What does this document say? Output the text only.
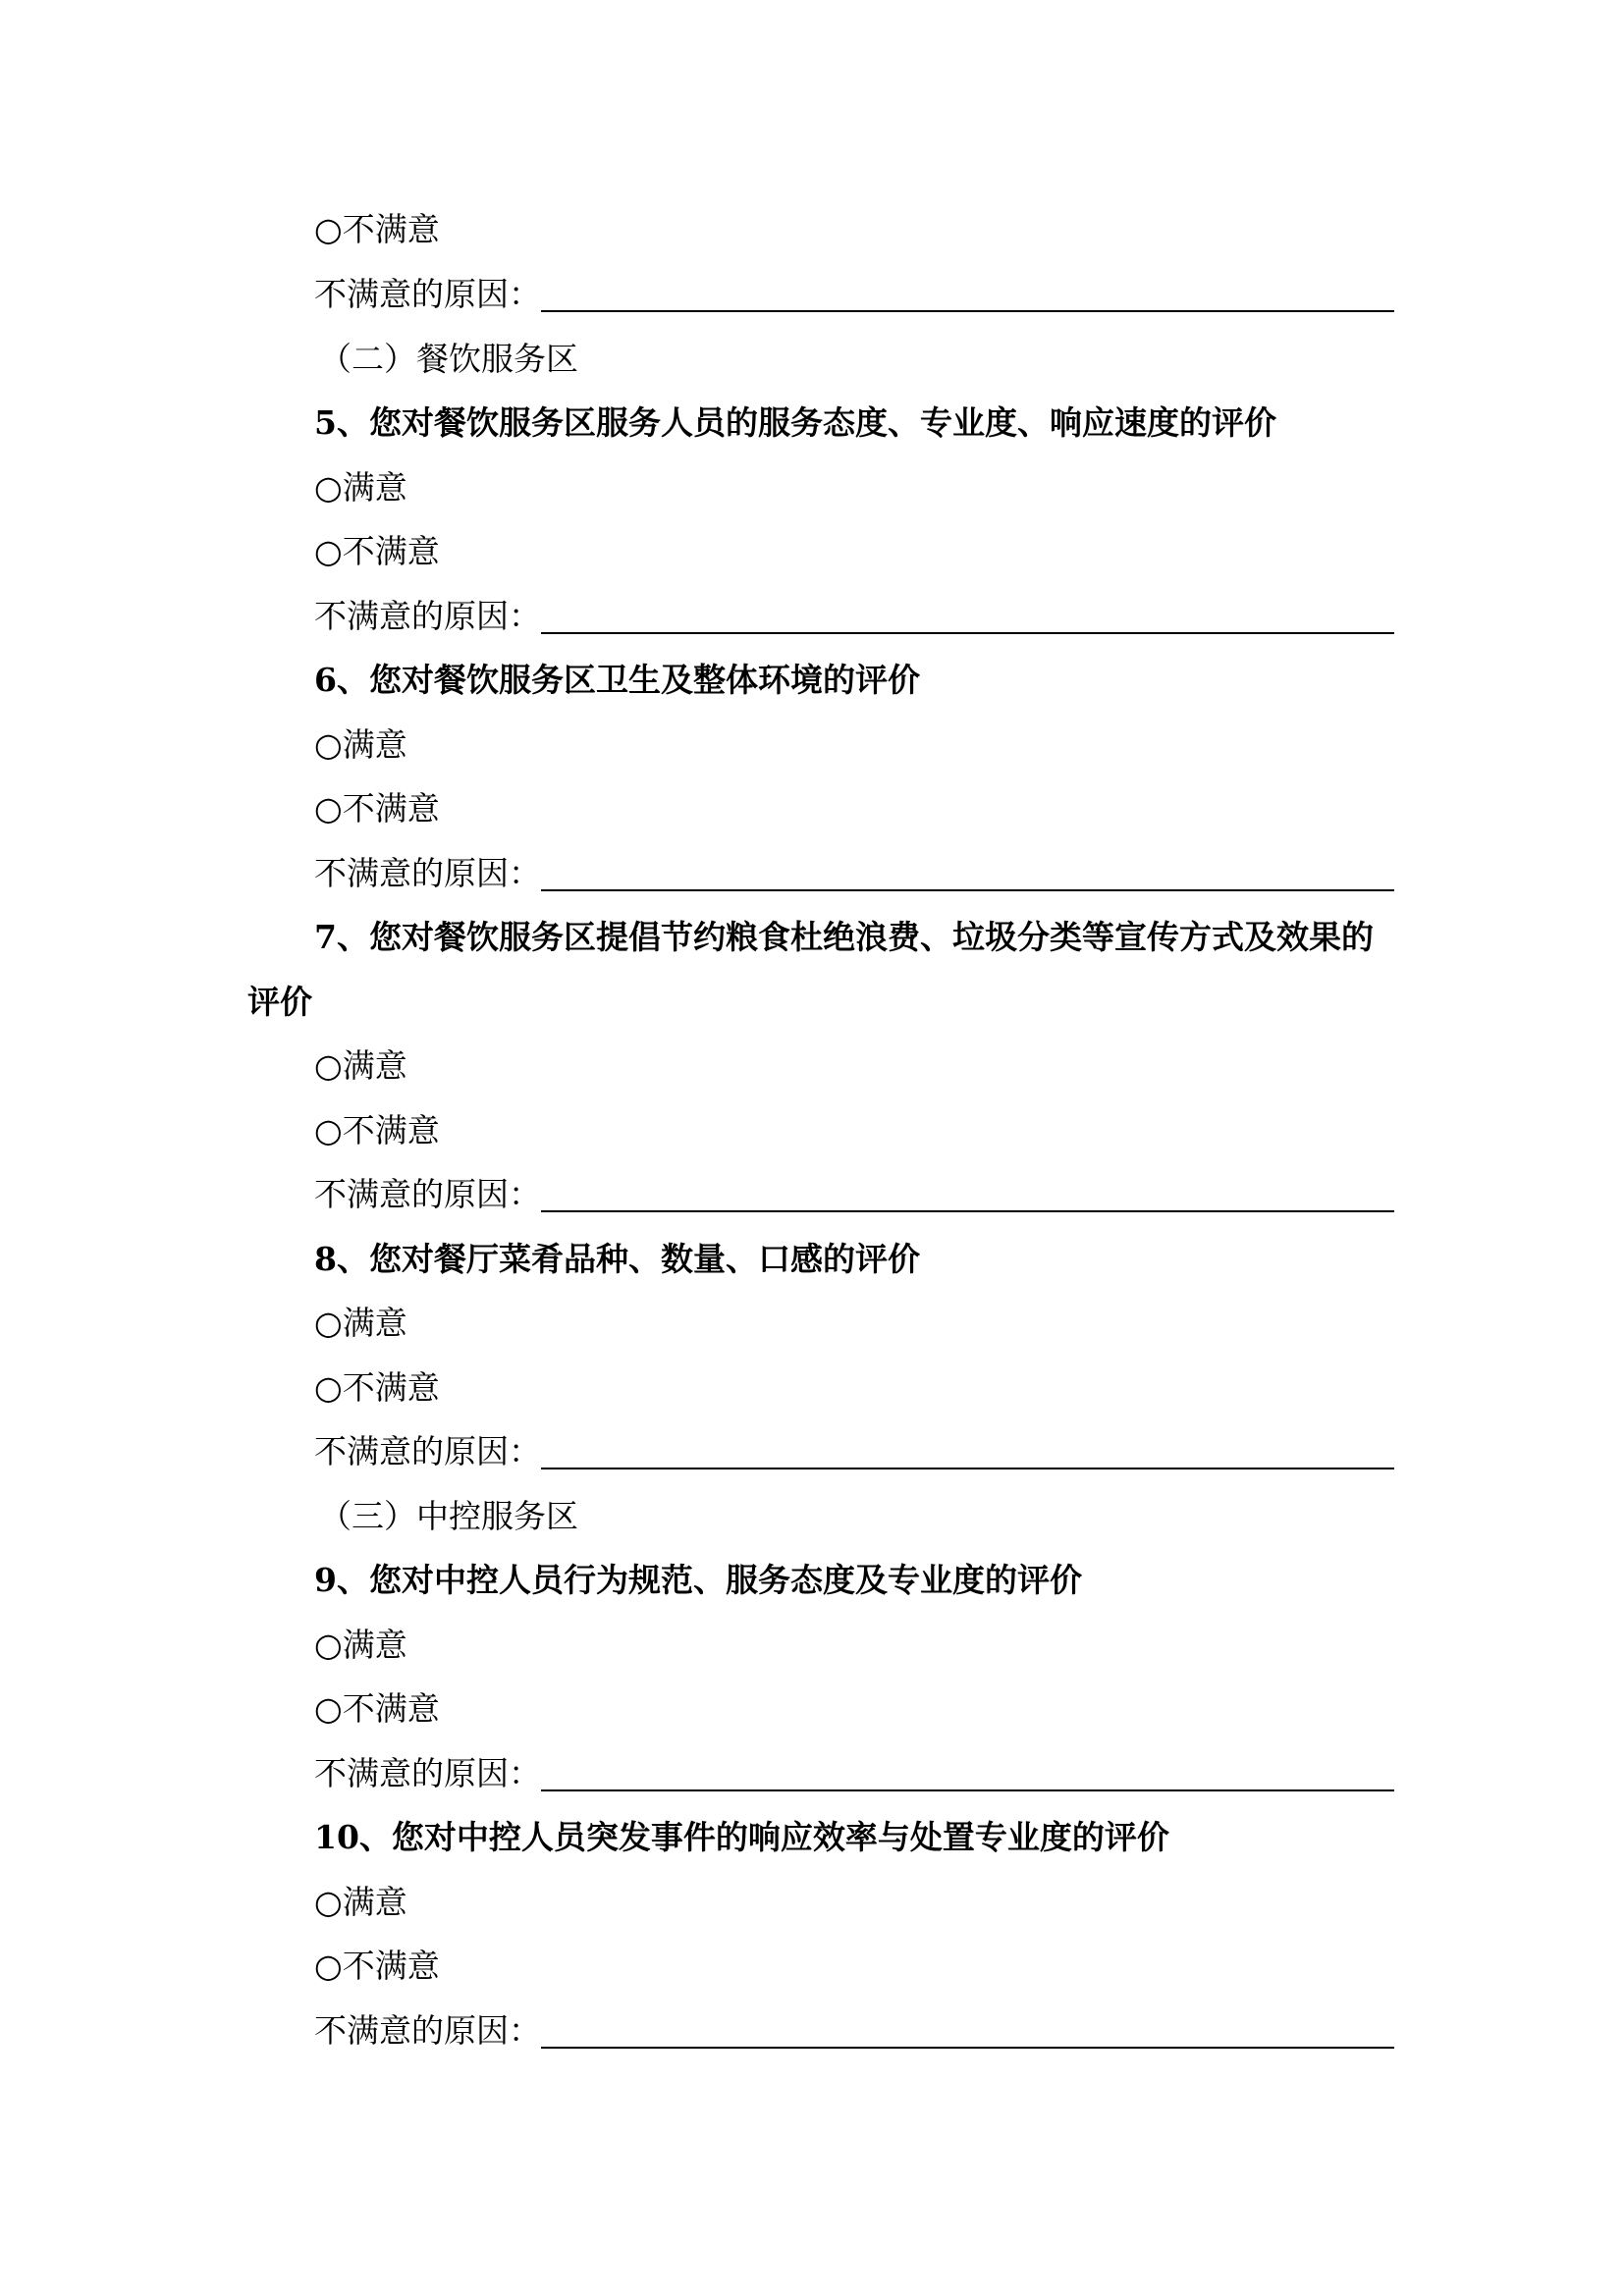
○不满意
不满意的原因：
（二）餐饮服务区
5、您对餐饮服务区服务人员的服务态度、专业度、响应速度的评价
○满意
○不满意
不满意的原因：
6、您对餐饮服务区卫生及整体环境的评价
○满意
○不满意
不满意的原因：
7、您对餐饮服务区提倡节约粮食杜绝浪费、垃圾分类等宣传方式及效果的
评价
○满意
○不满意
不满意的原因：
8、您对餐厅菜肴品种、数量、口感的评价
○满意
○不满意
不满意的原因：
（三）中控服务区
9、您对中控人员行为规范、服务态度及专业度的评价
○满意
○不满意
不满意的原因：
10、您对中控人员突发事件的响应效率与处置专业度的评价
○满意
○不满意
不满意的原因：
